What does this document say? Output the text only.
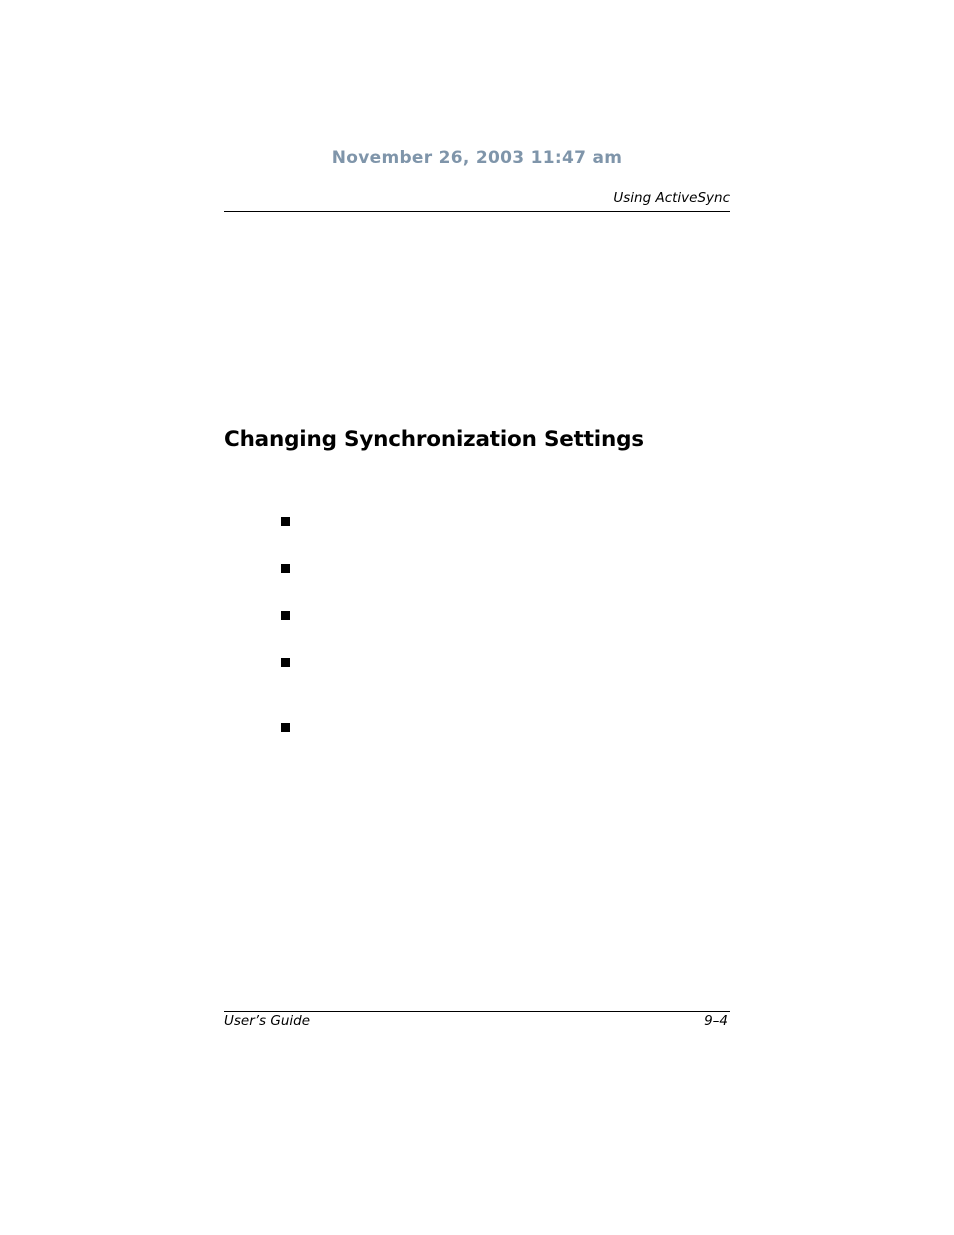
November 26, 2003 11:47 am
Using ActiveSync
Changing Synchronization Settings
User’s Guide	9–4
